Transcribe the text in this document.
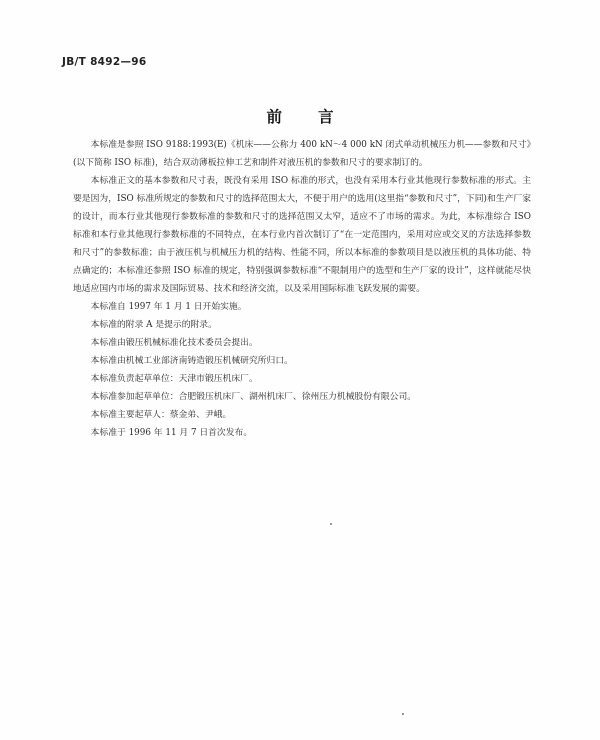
JB/T 8492—96
前言

本标准是参照 ISO 9188:1993(E)《机床——公称力 400 kN～4 000 kN 闭式单动机械压力机——参数和尺寸》(以下简称 ISO 标准)，结合双动薄板拉伸工艺和制件对液压机的参数和尺寸的要求制订的。

本标准正文的基本参数和尺寸表，既没有采用 ISO 标准的形式，也没有采用本行业其他现行参数标准的形式。主要是因为，ISO 标准所规定的参数和尺寸的选择范围太大，不便于用户的选用(这里指“参数和尺寸”，下同)和生产厂家的设计，而本行业其他现行参数标准的参数和尺寸的选择范围又太窄，适应不了市场的需求。为此，本标准综合 ISO 标准和本行业其他现行参数标准的不同特点，在本行业内首次制订了“在一定范围内，采用对应或交叉的方法选择参数和尺寸”的参数标准；由于液压机与机械压力机的结构、性能不同，所以本标准的参数项目是以液压机的具体功能、特点确定的；本标准还参照 ISO 标准的规定，特别强调参数标准“不限制用户的选型和生产厂家的设计”，这样就能尽快地适应国内市场的需求及国际贸易、技术和经济交流，以及采用国际标准飞跃发展的需要。

本标准自 1997 年 1 月 1 日开始实施。

本标准的附录 A 是提示的附录。

本标准由锻压机械标准化技术委员会提出。

本标准由机械工业部济南铸造锻压机械研究所归口。

本标准负责起草单位：天津市锻压机床厂。

本标准参加起草单位：合肥锻压机床厂、湖州机床厂、徐州压力机械股份有限公司。

本标准主要起草人：蔡金弟、尹峨。

本标准于 1996 年 11 月 7 日首次发布。
